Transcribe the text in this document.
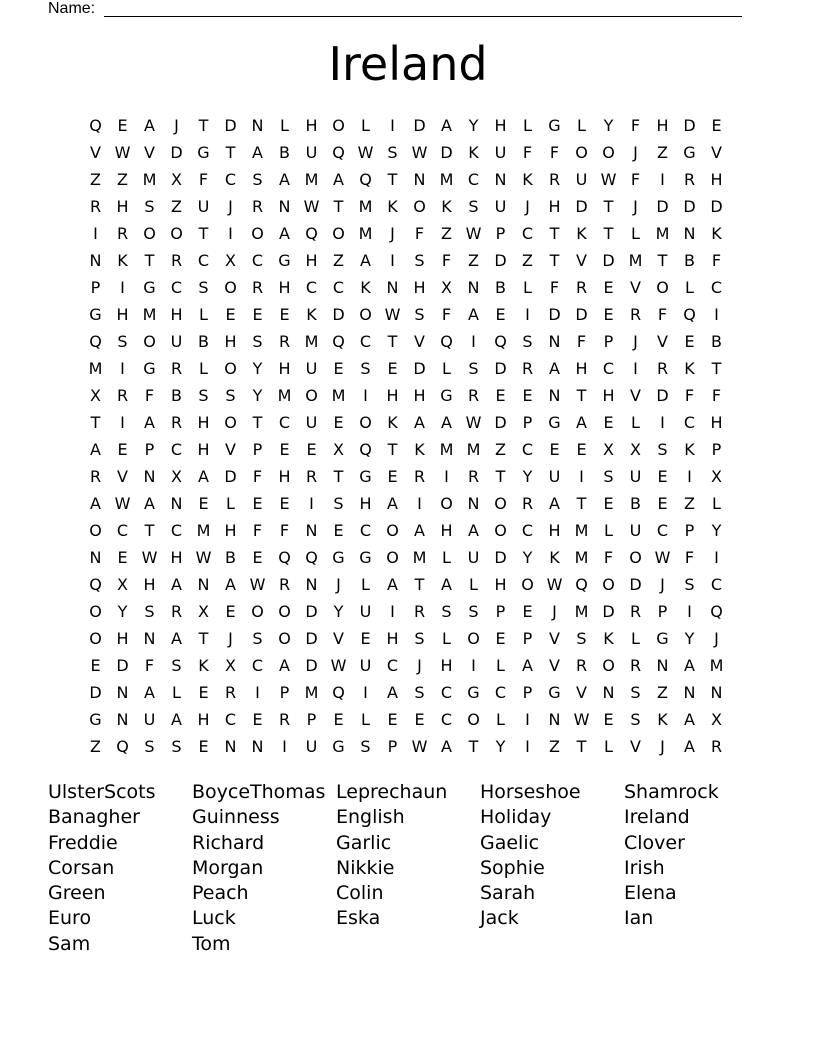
Name:
Ireland
Q E	A	J	T D N	L	H O	L	I	D A	Y	H	L	G	L	Y	F	H D E
V W V D G T	A	B U Q W S W D K U	F	F	O O	J	Z G V
Z	Z M X	F	C	S	A M A Q T	N M C N K	R U W F	I	R H
R H S	Z U	J	R N W T M K O K	S	U	J	H D T	J	D D D
I	R O O T	I	O A Q O M	J	F	Z W P	C	T	K	T	L M N K
N K	T	R C X C G H Z	A	I	S	F	Z D Z	T	V D M T	B	F
P	I	G C	S O R H C C	K N H X N B	L	F	R	E	V O	L	C
G H M H	L	E	E	E	K D O W S	F	A	E	I	D D E	R	F	Q	I
Q S O U B H S	R M Q C	T	V Q	I	Q S N	F	P	J	V	E	B
M	I	G R	L	O Y	H U	E	S	E D	L	S D R A H C	I	R	K	T
X R	F	B	S	S	Y M O M	I	H H G R	E	E N	T	H V D	F	F
T	I	A R H O T	C U	E O K	A	A W D	P G A	E	L	I	C H
A	E	P	C H V	P	E	E	X Q T	K M M Z C	E	E	X	X	S	K	P
R V N X	A D	F	H R	T G E	R	I	R	T	Y	U	I	S	U	E	I	X
A W A N E	L	E	E	I	S H A	I	O N O R A	T	E	B	E	Z	L
O C	T	C M H	F	F	N E	C O A H A O C H M L	U C	P	Y
N E W H W B	E Q Q G G O M L	U D Y	K M F	O W F	I
Q X H A N A W R N	J	L	A	T	A	L	H O W Q O D	J	S	C
O Y	S	R X	E O O D Y	U	I	R	S	S	P	E	J	M D R	P	I	Q
O H N A	T	J	S O D V	E H S	L	O E	P	V	S	K	L	G Y	J
E D	F	S	K	X C A D W U C	J	H	I	L	A	V R O R N A M
D N A	L	E	R	I	P M Q	I	A	S	C G C	P G V N S	Z N N
G N U A H C	E	R	P	E	L	E	E	C O	L	I	N W E	S	K	A	X
Z Q S	S	E N N	I	U G S	P W A	T	Y	I	Z	T	L	V	J	A R
UlsterScots	BoyceThomas Leprechaun	Horseshoe	Shamrock
Banagher	Guinness	English	Holiday	Ireland
Freddie	Richard	Garlic	Gaelic	Clover
Corsan	Morgan	Nikkie	Sophie	Irish
Green	Peach	Colin	Sarah	Elena
Euro	Luck	Eska	Jack	Ian
Sam	Tom
